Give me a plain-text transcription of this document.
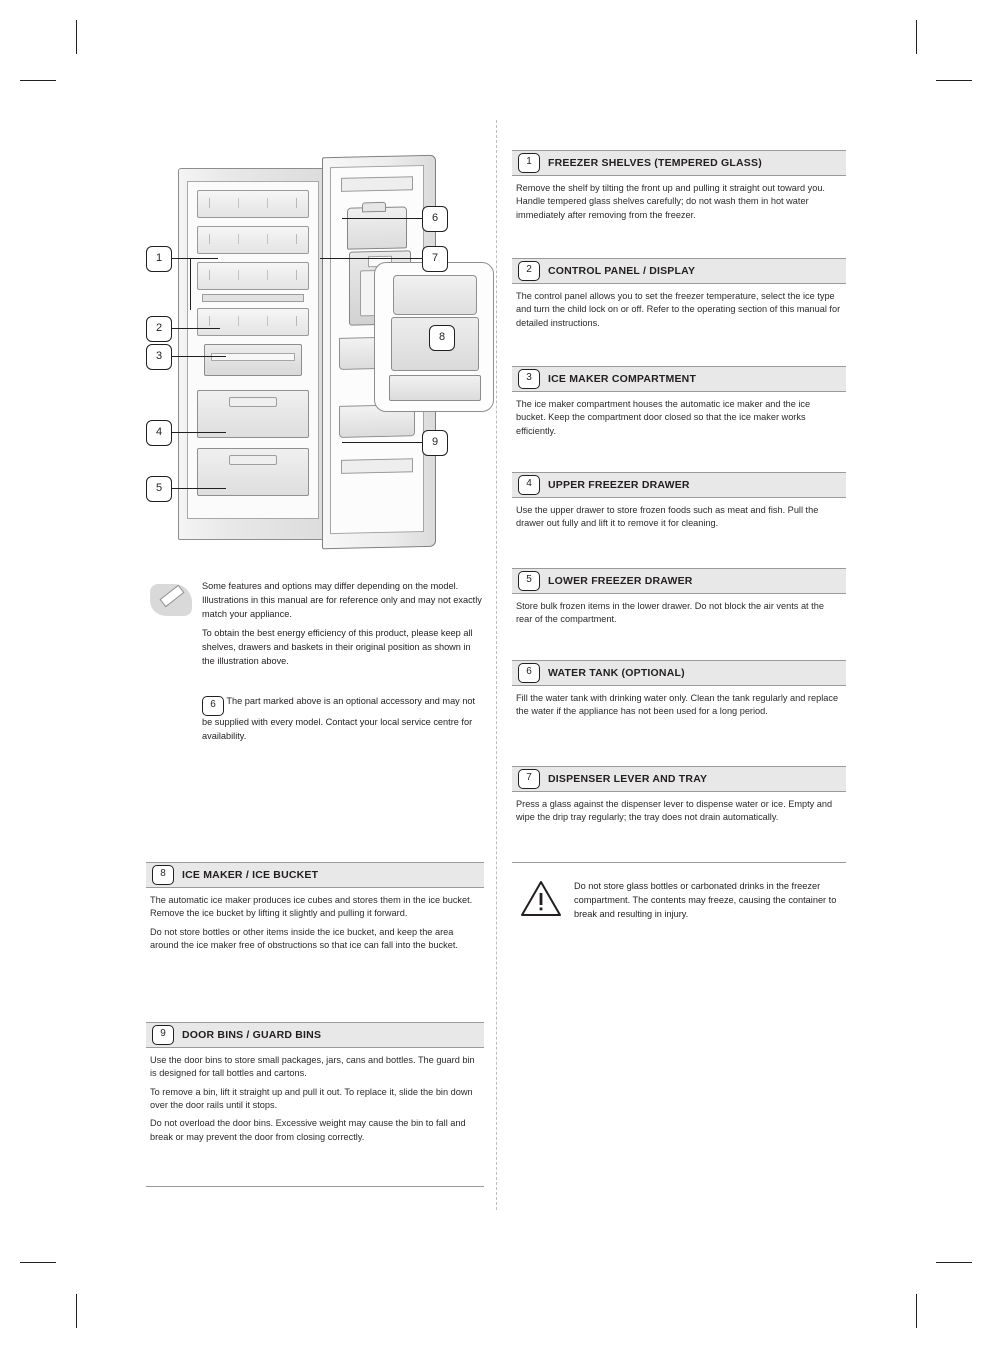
8
1
2
3
4
5
6
7
9

Some features and options may differ depending on the model. Illustrations in this manual are for reference only and may not exactly match your appliance.

To obtain the best energy efficiency of this product, please keep all shelves, drawers and baskets in their original position as shown in the illustration above.

6 The part marked above is an optional accessory and may not be supplied with every model. Contact your local service centre for availability.

8	ICE MAKER / ICE BUCKET

The automatic ice maker produces ice cubes and stores them in the ice bucket. Remove the ice bucket by lifting it slightly and pulling it forward.

Do not store bottles or other items inside the ice bucket, and keep the area around the ice maker free of obstructions so that ice can fall into the bucket.

9	DOOR BINS / GUARD BINS

Use the door bins to store small packages, jars, cans and bottles. The guard bin is designed for tall bottles and cartons.

To remove a bin, lift it straight up and pull it out. To replace it, slide the bin down over the door rails until it stops.

Do not overload the door bins. Excessive weight may cause the bin to fall and break or may prevent the door from closing correctly.

1	FREEZER SHELVES (TEMPERED GLASS)

Remove the shelf by tilting the front up and pulling it straight out toward you. Handle tempered glass shelves carefully; do not wash them in hot water immediately after removing from the freezer.

2	CONTROL PANEL / DISPLAY

The control panel allows you to set the freezer temperature, select the ice type and turn the child lock on or off. Refer to the operating section of this manual for detailed instructions.

3	ICE MAKER COMPARTMENT

The ice maker compartment houses the automatic ice maker and the ice bucket. Keep the compartment door closed so that the ice maker works efficiently.

4	UPPER FREEZER DRAWER

Use the upper drawer to store frozen foods such as meat and fish. Pull the drawer out fully and lift it to remove it for cleaning.

5	LOWER FREEZER DRAWER

Store bulk frozen items in the lower drawer. Do not block the air vents at the rear of the compartment.

6	WATER TANK (OPTIONAL)

Fill the water tank with drinking water only. Clean the tank regularly and replace the water if the appliance has not been used for a long period.

7	DISPENSER LEVER AND TRAY

Press a glass against the dispenser lever to dispense water or ice. Empty and wipe the drip tray regularly; the tray does not drain automatically.

Do not store glass bottles or carbonated drinks in the freezer compartment. The contents may freeze, causing the container to break and resulting in injury.
